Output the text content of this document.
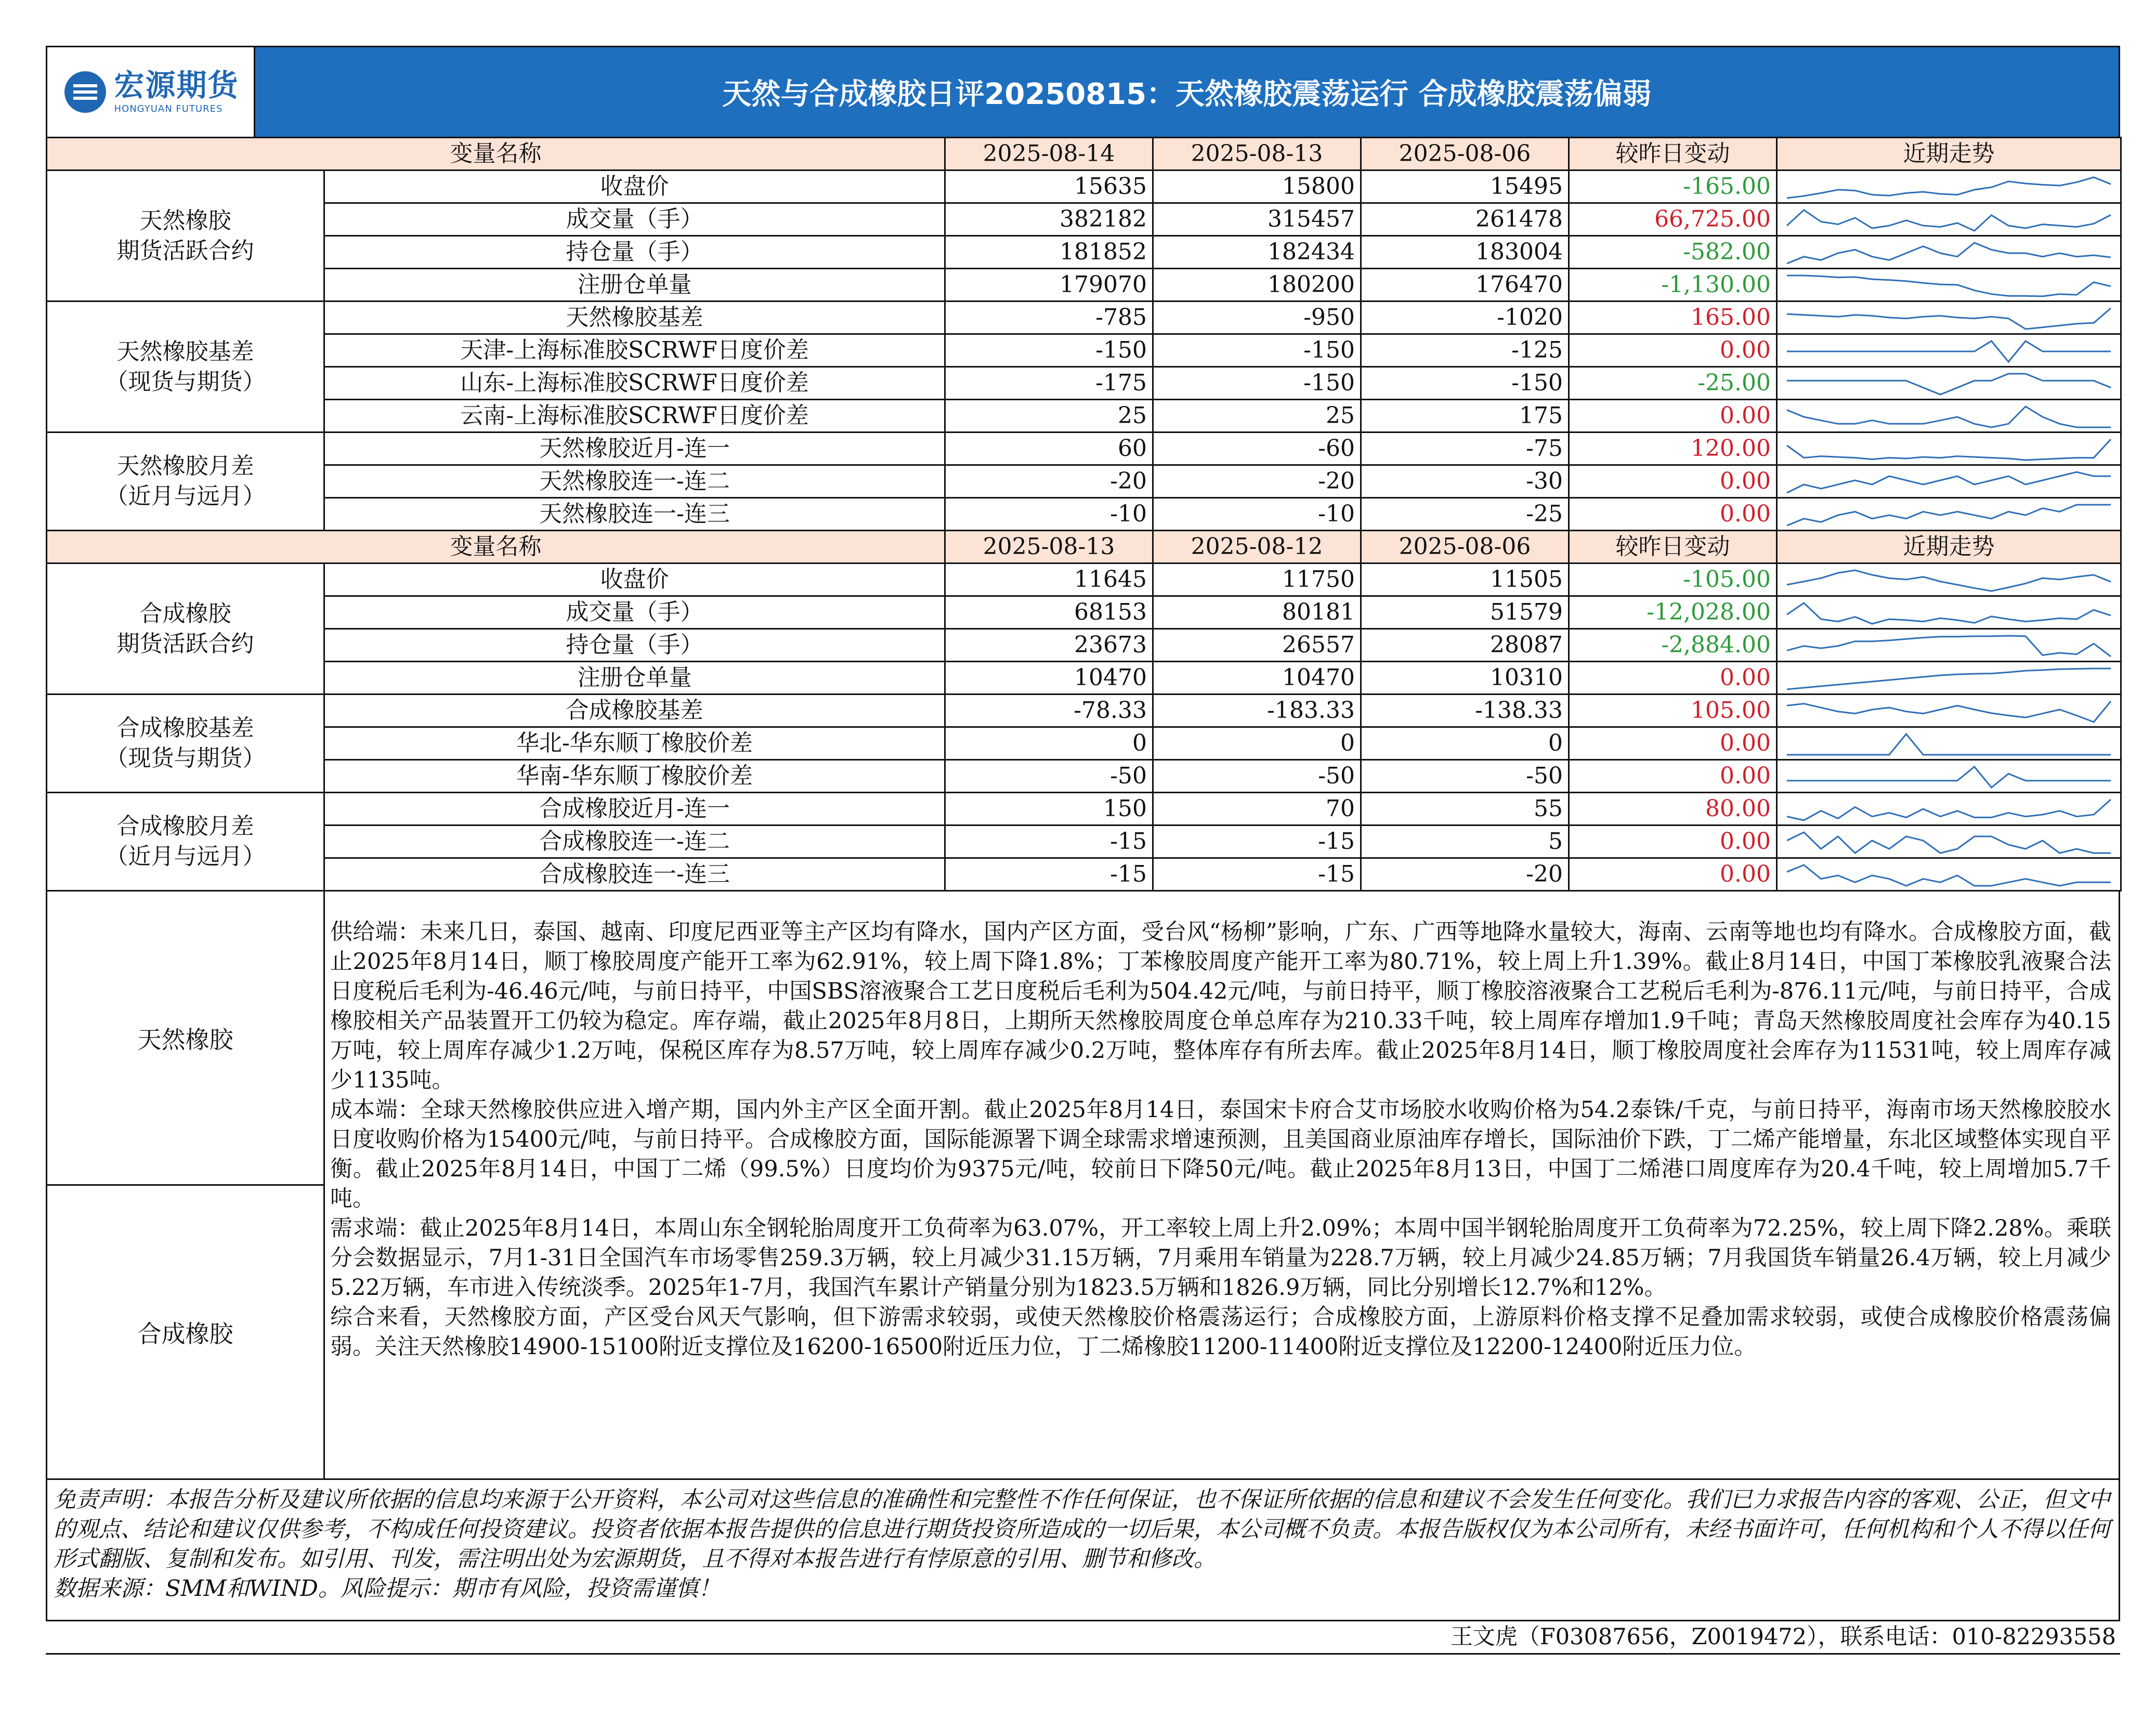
宏源期货
HONGYUAN FUTURES	天然与合成橡胶日评20250815：天然橡胶震荡运行 合成橡胶震荡偏弱
变量名称		2025-08-14	2025-08-13	2025-08-06	较昨日变动	近期走势

天然橡胶
期货活跃合约	收盘价	15635	15800	15495	-165.00	

	成交量（手）	382182	315457	261478	66,725.00	

	持仓量（手）	181852	182434	183004	-582.00	

	注册仓单量	179070	180200	176470	-1,130.00	

天然橡胶基差
（现货与期货）	天然橡胶基差	-785	-950	-1020	165.00	

	天津-上海标准胶SCRWF日度价差	-150	-150	-125	0.00	

	山东-上海标准胶SCRWF日度价差	-175	-150	-150	-25.00	

	云南-上海标准胶SCRWF日度价差	25	25	175	0.00	

天然橡胶月差
（近月与远月）	天然橡胶近月-连一	60	-60	-75	120.00	

	天然橡胶连一-连二	-20	-20	-30	0.00	

	天然橡胶连一-连三	-10	-10	-25	0.00	

变量名称		2025-08-13	2025-08-12	2025-08-06	较昨日变动	近期走势

合成橡胶
期货活跃合约	收盘价	11645	11750	11505	-105.00	

	成交量（手）	68153	80181	51579	-12,028.00	

	持仓量（手）	23673	26557	28087	-2,884.00	

	注册仓单量	10470	10470	10310	0.00	

合成橡胶基差
（现货与期货）	合成橡胶基差	-78.33	-183.33	-138.33	105.00	

	华北-华东顺丁橡胶价差	0	0	0	0.00	

	华南-华东顺丁橡胶价差	-50	-50	-50	0.00	

合成橡胶月差
（近月与远月）	合成橡胶近月-连一	150	70	55	80.00	

	合成橡胶连一-连二	-15	-15	5	0.00	

	合成橡胶连一-连三	-15	-15	-20	0.00	
天然橡胶
合成橡胶

供给端：未来几日，泰国、越南、印度尼西亚等主产区均有降水，国内产区方面，受台风“杨柳”影响，广东、广西等地降水量较大，海南、云南等地也均有降水。合成橡胶方面，截止2025年8月14日，顺丁橡胶周度产能开工率为62.91%，较上周下降1.8%；丁苯橡胶周度产能开工率为80.71%，较上周上升1.39%。截止8月14日，中国丁苯橡胶乳液聚合法日度税后毛利为-46.46元/吨，与前日持平，中国SBS溶液聚合工艺日度税后毛利为504.42元/吨，与前日持平，顺丁橡胶溶液聚合工艺税后毛利为-876.11元/吨，与前日持平，合成橡胶相关产品装置开工仍较为稳定。库存端，截止2025年8月8日，上期所天然橡胶周度仓单总库存为210.33千吨，较上周库存增加1.9千吨；青岛天然橡胶周度社会库存为40.15万吨，较上周库存减少1.2万吨，保税区库存为8.57万吨，较上周库存减少0.2万吨，整体库存有所去库。截止2025年8月14日，顺丁橡胶周度社会库存为11531吨，较上周库存减少1135吨。

成本端：全球天然橡胶供应进入增产期，国内外主产区全面开割。截止2025年8月14日，泰国宋卡府合艾市场胶水收购价格为54.2泰铢/千克，与前日持平，海南市场天然橡胶胶水日度收购价格为15400元/吨，与前日持平。合成橡胶方面，国际能源署下调全球需求增速预测，且美国商业原油库存增长，国际油价下跌，丁二烯产能增量，东北区域整体实现自平衡。截止2025年8月14日，中国丁二烯（99.5%）日度均价为9375元/吨，较前日下降50元/吨。截止2025年8月13日，中国丁二烯港口周度库存为20.4千吨，较上周增加5.7千吨。

需求端：截止2025年8月14日，本周山东全钢轮胎周度开工负荷率为63.07%，开工率较上周上升2.09%；本周中国半钢轮胎周度开工负荷率为72.25%，较上周下降2.28%。乘联分会数据显示，7月1-31日全国汽车市场零售259.3万辆，较上月减少31.15万辆，7月乘用车销量为228.7万辆，较上月减少24.85万辆；7月我国货车销量26.4万辆，较上月减少5.22万辆，车市进入传统淡季。2025年1-7月，我国汽车累计产销量分别为1823.5万辆和1826.9万辆，同比分别增长12.7%和12%。

综合来看，天然橡胶方面，产区受台风天气影响，但下游需求较弱，或使天然橡胶价格震荡运行；合成橡胶方面，上游原料价格支撑不足叠加需求较弱，或使合成橡胶价格震荡偏弱。关注天然橡胶14900-15100附近支撑位及16200-16500附近压力位，丁二烯橡胶11200-11400附近支撑位及12200-12400附近压力位。

免责声明：本报告分析及建议所依据的信息均来源于公开资料，本公司对这些信息的准确性和完整性不作任何保证，也不保证所依据的信息和建议不会发生任何变化。我们已力求报告内容的客观、公正，但文中的观点、结论和建议仅供参考，不构成任何投资建议。投资者依据本报告提供的信息进行期货投资所造成的一切后果，本公司概不负责。本报告版权仅为本公司所有，未经书面许可，任何机构和个人不得以任何形式翻版、复制和发布。如引用、刊发，需注明出处为宏源期货，且不得对本报告进行有悖原意的引用、删节和修改。
数据来源：SMM和WIND。风险提示：期市有风险，投资需谨慎！
王文虎（F03087656，Z0019472），联系电话：010-82293558
